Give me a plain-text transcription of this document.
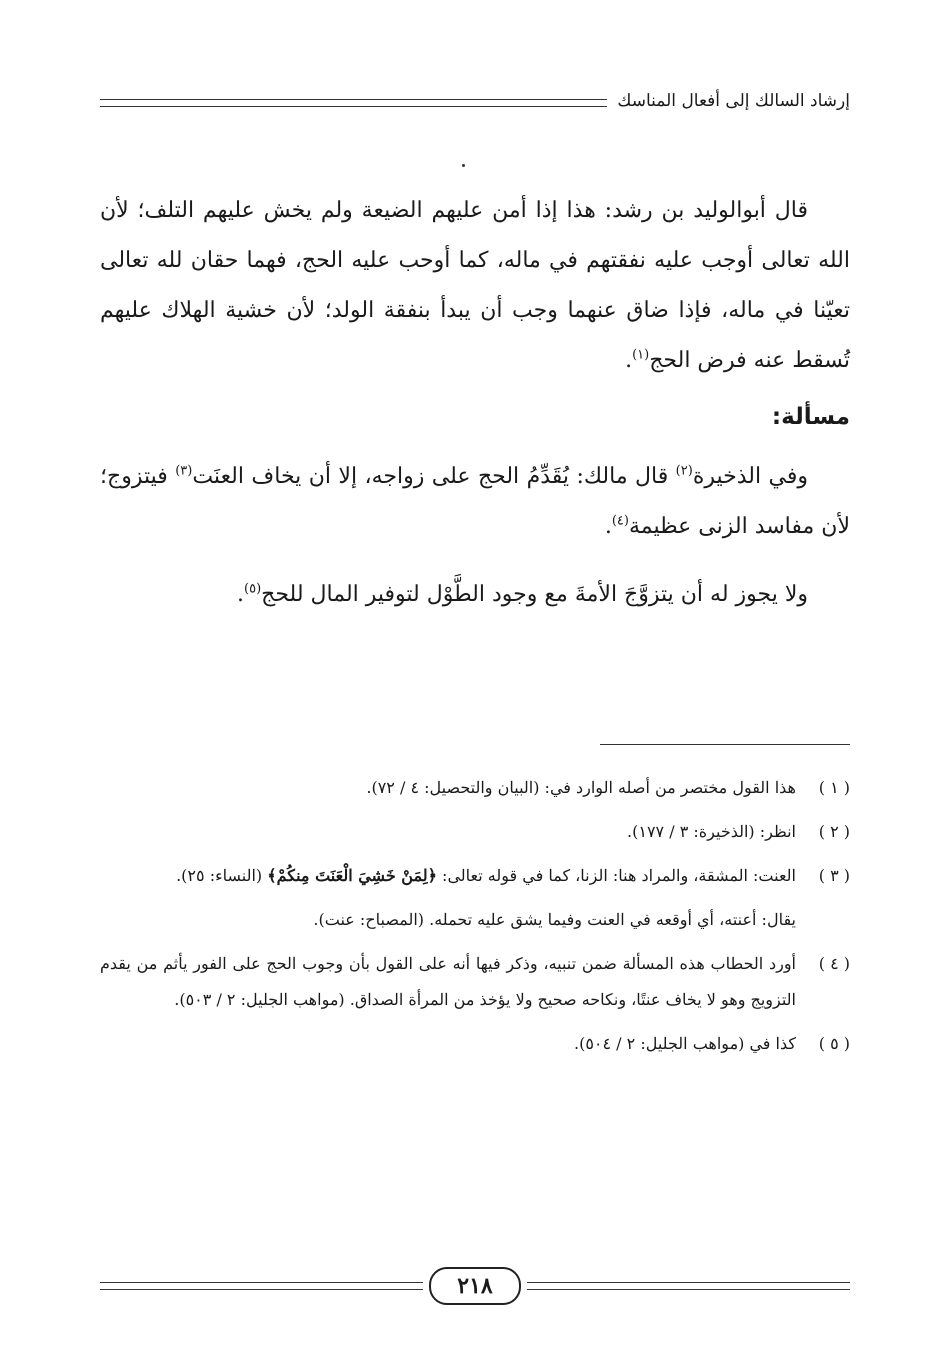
إرشاد السالك إلى أفعال المناسك

قال أبوالوليد بن رشد: هذا إذا أمن عليهم الضيعة ولم يخش عليهم التلف؛ لأن الله تعالى أوجب عليه نفقتهم في ماله، كما أوحب عليه الحج، فهما حقان لله تعالى تعيّنا في ماله، فإذا ضاق عنهما وجب أن يبدأ بنفقة الولد؛ لأن خشية الهلاك عليهم تُسقط عنه فرض الحج$^{(١)}$.

مسألة:

وفي الذخيرة$^{(٢)}$ قال مالك: يُقَدِّمُ الحج على زواجه، إلا أن يخاف العنَت$^{(٣)}$ فيتزوج؛ لأن مفاسد الزنى عظيمة$^{(٤)}$.

ولا يجوز له أن يتزوَّجَ الأمةَ مع وجود الطَّوْل لتوفير المال للحج$^{(٥)}$.

( ١ )

هذا القول مختصر من أصله الوارد في: (البيان والتحصيل: ٤ / ٧٢).

( ٢ )

انظر: (الذخيرة: ٣ / ١٧٧).

( ٣ )

العنت: المشقة، والمراد هنا: الزنا، كما في قوله تعالى: ﴿لِمَنْ خَشِيَ الْعَنَتَ مِنكُمْ﴾ (النساء: ٢٥).

يقال: أعنته، أي أوقعه في العنت وفيما يشق عليه تحمله. (المصباح: عنت).

( ٤ )

أورد الحطاب هذه المسألة ضمن تنبيه، وذكر فيها أنه على القول بأن وجوب الحج على الفور يأثم من يقدم التزويج وهو لا يخاف عنتًا، ونكاحه صحيح ولا يؤخذ من المرأة الصداق. (مواهب الجليل: ٢ / ٥٠٣).

( ٥ )

كذا في (مواهب الجليل: ٢ / ٥٠٤).

٢١٨
